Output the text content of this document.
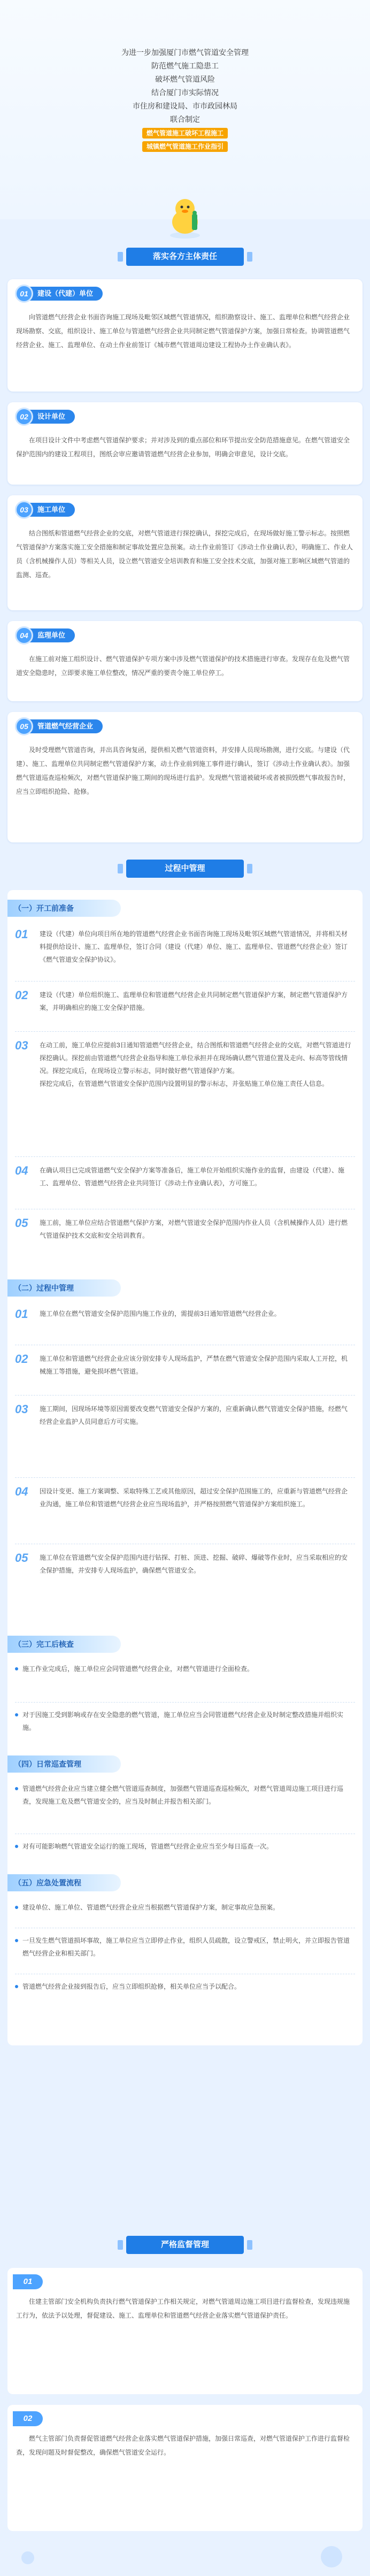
为进一步加强厦门市燃气管道安全管理
防范燃气施工隐患工
破坏燃气管道风险
结合厦门市实际情况
市住房和建设局、市市政园林局
联合制定
燃气管道施工破坏工程施工
城镇燃气管道施工作业指引
落实各方主体责任
01	建设（代建）单位
向管道燃气经营企业书面咨询施工现场及毗邻区域燃气管道情况，组织勘察设计、施工、监理单位和燃气经营企业现场勘察、交底，组织设计、施工单位与管道燃气经营企业共同制定燃气管道保护方案，加强日常检查。协调管道燃气经营企业、施工、监理单位、在动土作业前签订《城市燃气管道周边建设工程协办土作业确认表》。
02	设计单位
在项目设计文件中考虑燃气管道保护要求；并对涉及到的重点部位和环节提出安全防范措施意见。在燃气管道安全保护范围内的建设工程项目，图纸会审应邀请管道燃气经营企业参加，明确会审意见，设计交底。
03	施工单位
结合图纸和管道燃气经营企业的交底，对燃气管道进行探挖确认，探挖完成后，在现场做好施工警示标志。按照燃气管道保护方案落实施工安全措施和制定事故处置应急预案。动土作业前签订《涉动土作业确认表》，明确施工、作业人员（含机械操作人员）等相关人员，设立燃气管道安全培训教育和施工安全技术交底，加强对施工影响区域燃气管道的监测、巡查。
04	监理单位
在施工前对施工组织设计、燃气管道保护专项方案中涉及燃气管道保护的技术措施进行审查。发现存在危及燃气管道安全隐患时，立即要求施工单位整改，情况严重的要责令施工单位停工。
05	管道燃气经营企业
及时受理燃气管道咨询，并出具咨询复函，提供相关燃气管道资料，并安排人员现场勘测，进行交底。与建设（代建）、施工、监理单位共同制定燃气管道保护方案，动土作业前到施工事件进行确认，签订《涉动土作业确认表》。加强燃气管道巡查巡检频次，对燃气管道保护施工期间的现场进行监护。发现燃气管道被破坏或者被损毁燃气事故报告时，应当立即组织抢险、抢修。
过程中管理
（一）开工前准备
01 建设（代建）单位向项目所在地的管道燃气经营企业书面咨询施工现场及毗邻区域燃气管道情况，并将相关材料提供给设计、施工、监理单位，签订合同（建设（代建）单位、施工、监理单位、管道燃气经营企业）签订《燃气管道安全保护协议》。
02 建设（代建）单位组织施工、监理单位和管道燃气经营企业共同制定燃气管道保护方案，制定燃气管道保护方案，并明确相应的施工安全保护措施。
03 在动工前，施工单位应提前3日通知管道燃气经营企业，结合图纸和管道燃气经营企业的交底，对燃气管道进行探挖确认。探挖前由管道燃气经营企业指导和施工单位承担并在现场确认燃气管道位置及走向、标高等管线情况。探挖完成后，在现场设立警示标志，同时做好燃气管道保护方案。
探挖完成后，在管道燃气管道安全保护范围内设置明显的警示标志，并张贴施工单位施工责任人信息。
04 在确认项目已完成管道燃气安全保护方案等准备后，施工单位开始组织实施作业的监督，由建设（代建）、施工、监理单位、管道燃气经营企业共同签订《涉动土作业确认表》，方可施工。
05 施工前，施工单位应结合管道燃气保护方案，对燃气管道安全保护范围内作业人员（含机械操作人员）进行燃气管道保护技术交底和安全培训教育。
（二）过程中管理
01 施工单位在燃气管道安全保护范围内施工作业的，需提前3日通知管道燃气经营企业。
02 施工单位和管道燃气经营企业应该分别安排专人现场监护，严禁在燃气管道安全保护范围内采取人工开挖，机械施工等措施，避免损坏燃气管道。
03 施工期间，因现场环境等原因需要改变燃气管道安全保护方案的，应重新确认燃气管道安全保护措施，经燃气经营企业监护人员同意后方可实施。
04 因设计变更、施工方案调整、采取特殊工艺或其他原因，超过安全保护范围施工的，应重新与管道燃气经营企业沟通，施工单位和管道燃气经营企业应当现场监护，并严格按照燃气管道保护方案组织施工。
05 施工单位在管道燃气安全保护范围内进行钻探、打桩、顶进、挖掘、破碎、爆破等作业时，应当采取相应的安全保护措施，并安排专人现场监护，确保燃气管道安全。
（三）完工后核查
施工作业完成后，施工单位应会同管道燃气经营企业，对燃气管道进行全面检查。
对于因施工受到影响或存在安全隐患的燃气管道，施工单位应当会同管道燃气经营企业及时制定整改措施并组织实施。
（四）日常巡查管理
管道燃气经营企业应当建立健全燃气管道巡查制度，加强燃气管道巡查巡检频次，对燃气管道周边施工项目进行巡查，发现施工危及燃气管道安全的，应当及时制止并报告相关部门。
对有可能影响燃气管道安全运行的施工现场，管道燃气经营企业应当至少每日巡查一次。
（五）应急处置流程
建设单位、施工单位、管道燃气经营企业应当根据燃气管道保护方案，制定事故应急预案。
一旦发生燃气管道损坏事故，施工单位应当立即停止作业，组织人员疏散，设立警戒区，禁止明火，并立即报告管道燃气经营企业和相关部门。
管道燃气经营企业接到报告后，应当立即组织抢修，相关单位应当予以配合。
严格监督管理
01
住建主管部门安全机构负责执行燃气管道保护工作相关规定，对燃气管道周边施工项目进行监督检查，发现违规施工行为，依法予以处理，督促建设、施工、监理单位和管道燃气经营企业落实燃气管道保护责任。
02
燃气主管部门负责督促管道燃气经营企业落实燃气管道保护措施，加强日常巡查，对燃气管道保护工作进行监督检查，发现问题及时督促整改，确保燃气管道安全运行。
